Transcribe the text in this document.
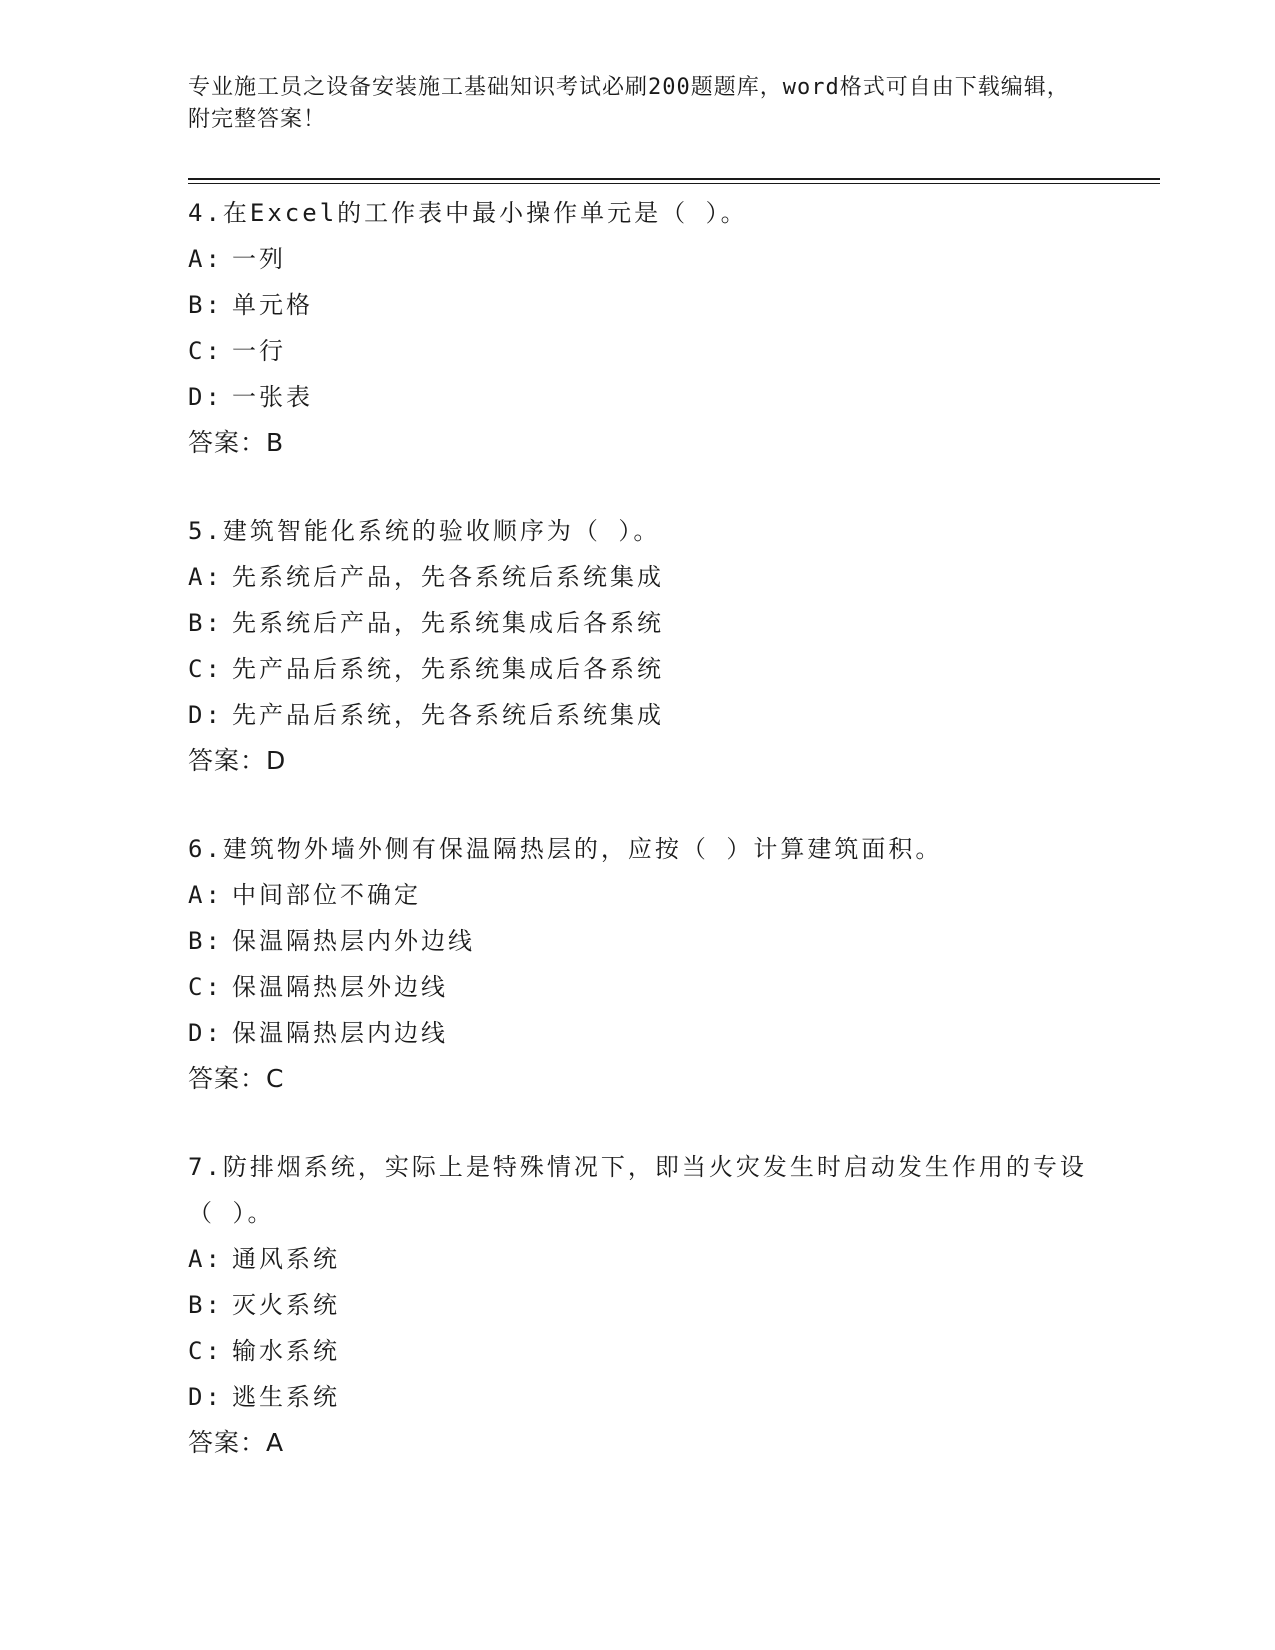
专业施工员之设备安装施工基础知识考试必刷200题题库，word格式可自由下载编辑，附完整答案！
4.在Excel的工作表中最小操作单元是（ ）。
A: 一列
B: 单元格
C: 一行
D: 一张表
答案：B
5.建筑智能化系统的验收顺序为（ ）。
A: 先系统后产品，先各系统后系统集成
B: 先系统后产品，先系统集成后各系统
C: 先产品后系统，先系统集成后各系统
D: 先产品后系统，先各系统后系统集成
答案：D
6.建筑物外墙外侧有保温隔热层的，应按（ ）计算建筑面积。
A: 中间部位不确定
B: 保温隔热层内外边线
C: 保温隔热层外边线
D: 保温隔热层内边线
答案：C
7.防排烟系统，实际上是特殊情况下，即当火灾发生时启动发生作用的专设（ ）。
A: 通风系统
B: 灭火系统
C: 输水系统
D: 逃生系统
答案：A
